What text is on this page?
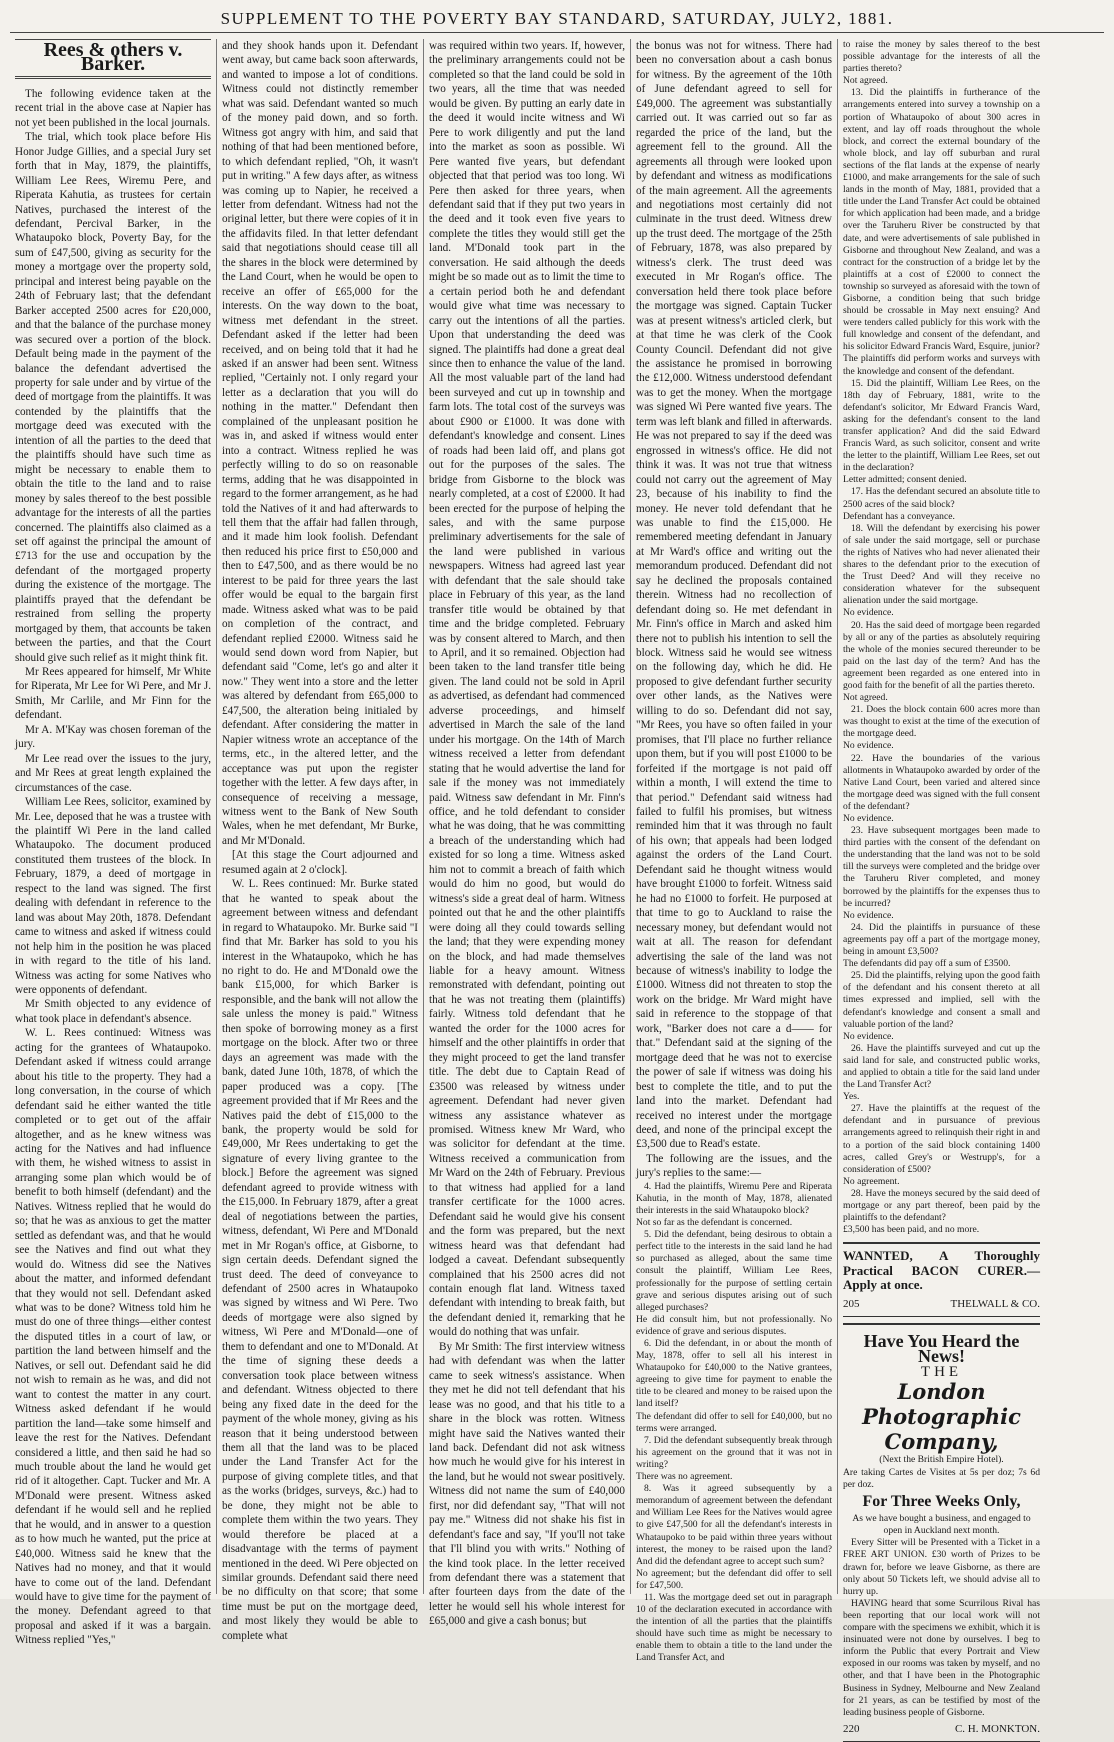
SUPPLEMENT TO THE POVERTY BAY STANDARD, SATURDAY, JULY2, 1881.
Rees & others v. Barker.

The following evidence taken at the recent trial in the above case at Napier has not yet been published in the local journals.

The trial, which took place before His Honor Judge Gillies, and a special Jury set forth that in May, 1879, the plaintiffs, William Lee Rees, Wiremu Pere, and Riperata Kahutia, as trustees for certain Natives, purchased the interest of the defendant, Percival Barker, in the Whataupoko block, Poverty Bay, for the sum of £47,500, giving as security for the money a mortgage over the property sold, principal and interest being payable on the 24th of February last; that the defendant Barker accepted 2500 acres for £20,000, and that the balance of the purchase money was secured over a portion of the block. Default being made in the payment of the balance the defendant advertised the property for sale under and by virtue of the deed of mortgage from the plaintiffs. It was contended by the plaintiffs that the mortgage deed was executed with the intention of all the parties to the deed that the plaintiffs should have such time as might be necessary to enable them to obtain the title to the land and to raise money by sales thereof to the best possible advantage for the interests of all the parties concerned. The plaintiffs also claimed as a set off against the principal the amount of £713 for the use and occupation by the defendant of the mortgaged property during the existence of the mortgage. The plaintiffs prayed that the defendant be restrained from selling the property mortgaged by them, that accounts be taken between the parties, and that the Court should give such relief as it might think fit.

Mr Rees appeared for himself, Mr White for Riperata, Mr Lee for Wi Pere, and Mr J. Smith, Mr Carlile, and Mr Finn for the defendant.

Mr A. M'Kay was chosen foreman of the jury.

Mr Lee read over the issues to the jury, and Mr Rees at great length explained the circumstances of the case.

William Lee Rees, solicitor, examined by Mr. Lee, deposed that he was a trustee with the plaintiff Wi Pere in the land called Whataupoko. The document produced constituted them trustees of the block. In February, 1879, a deed of mortgage in respect to the land was signed. The first dealing with defendant in reference to the land was about May 20th, 1878. Defendant came to witness and asked if witness could not help him in the position he was placed in with regard to the title of his land. Witness was acting for some Natives who were opponents of defendant.

Mr Smith objected to any evidence of what took place in defendant's absence.

W. L. Rees continued: Witness was acting for the grantees of Whataupoko. Defendant asked if witness could arrange about his title to the property. They had a long conversation, in the course of which defendant said he either wanted the title completed or to get out of the affair altogether, and as he knew witness was acting for the Natives and had influence with them, he wished witness to assist in arranging some plan which would be of benefit to both himself (defendant) and the Natives. Witness replied that he would do so; that he was as anxious to get the matter settled as defendant was, and that he would see the Natives and find out what they would do. Witness did see the Natives about the matter, and informed defendant that they would not sell. Defendant asked what was to be done? Witness told him he must do one of three things—either contest the disputed titles in a court of law, or partition the land between himself and the Natives, or sell out. Defendant said he did not wish to remain as he was, and did not want to contest the matter in any court. Witness asked defendant if he would partition the land—take some himself and leave the rest for the Natives. Defendant considered a little, and then said he had so much trouble about the land he would get rid of it altogether. Capt. Tucker and Mr. A M'Donald were present. Witness asked defendant if he would sell and he replied that he would, and in answer to a question as to how much he wanted, put the price at £40,000. Witness said he knew that the Natives had no money, and that it would have to come out of the land. Defendant would have to give time for the payment of the money. Defendant agreed to that proposal and asked if it was a bargain. Witness replied "Yes,"

and they shook hands upon it. Defendant went away, but came back soon afterwards, and wanted to impose a lot of conditions. Witness could not distinctly remember what was said. Defendant wanted so much of the money paid down, and so forth. Witness got angry with him, and said that nothing of that had been mentioned before, to which defendant replied, "Oh, it wasn't put in writing." A few days after, as witness was coming up to Napier, he received a letter from defendant. Witness had not the original letter, but there were copies of it in the affidavits filed. In that letter defendant said that negotiations should cease till all the shares in the block were determined by the Land Court, when he would be open to receive an offer of £65,000 for the interests. On the way down to the boat, witness met defendant in the street. Defendant asked if the letter had been received, and on being told that it had he asked if an answer had been sent. Witness replied, "Certainly not. I only regard your letter as a declaration that you will do nothing in the matter." Defendant then complained of the unpleasant position he was in, and asked if witness would enter into a contract. Witness replied he was perfectly willing to do so on reasonable terms, adding that he was disappointed in regard to the former arrangement, as he had told the Natives of it and had afterwards to tell them that the affair had fallen through, and it made him look foolish. Defendant then reduced his price first to £50,000 and then to £47,500, and as there would be no interest to be paid for three years the last offer would be equal to the bargain first made. Witness asked what was to be paid on completion of the contract, and defendant replied £2000. Witness said he would send down word from Napier, but defendant said "Come, let's go and alter it now." They went into a store and the letter was altered by defendant from £65,000 to £47,500, the alteration being initialed by defendant. After considering the matter in Napier witness wrote an acceptance of the terms, etc., in the altered letter, and the acceptance was put upon the register together with the letter. A few days after, in consequence of receiving a message, witness went to the Bank of New South Wales, when he met defendant, Mr Burke, and Mr M'Donald.

[At this stage the Court adjourned and resumed again at 2 o'clock].

W. L. Rees continued: Mr. Burke stated that he wanted to speak about the agreement between witness and defendant in regard to Whataupoko. Mr. Burke said "I find that Mr. Barker has sold to you his interest in the Whataupoko, which he has no right to do. He and M'Donald owe the bank £15,000, for which Barker is responsible, and the bank will not allow the sale unless the money is paid." Witness then spoke of borrowing money as a first mortgage on the block. After two or three days an agreement was made with the bank, dated June 10th, 1878, of which the paper produced was a copy. [The agreement provided that if Mr Rees and the Natives paid the debt of £15,000 to the bank, the property would be sold for £49,000, Mr Rees undertaking to get the signature of every living grantee to the block.] Before the agreement was signed defendant agreed to provide witness with the £15,000. In February 1879, after a great deal of negotiations between the parties, witness, defendant, Wi Pere and M'Donald met in Mr Rogan's office, at Gisborne, to sign certain deeds. Defendant signed the trust deed. The deed of conveyance to defendant of 2500 acres in Whataupoko was signed by witness and Wi Pere. Two deeds of mortgage were also signed by witness, Wi Pere and M'Donald—one of them to defendant and one to M'Donald. At the time of signing these deeds a conversation took place between witness and defendant. Witness objected to there being any fixed date in the deed for the payment of the whole money, giving as his reason that it being understood between them all that the land was to be placed under the Land Transfer Act for the purpose of giving complete titles, and that as the works (bridges, surveys, &c.) had to be done, they might not be able to complete them within the two years. They would therefore be placed at a disadvantage with the terms of payment mentioned in the deed. Wi Pere objected on similar grounds. Defendant said there need be no difficulty on that score; that some time must be put on the mortgage deed, and most likely they would be able to complete what

was required within two years. If, however, the preliminary arrangements could not be completed so that the land could be sold in two years, all the time that was needed would be given. By putting an early date in the deed it would incite witness and Wi Pere to work diligently and put the land into the market as soon as possible. Wi Pere wanted five years, but defendant objected that that period was too long. Wi Pere then asked for three years, when defendant said that if they put two years in the deed and it took even five years to complete the titles they would still get the land. M'Donald took part in the conversation. He said although the deeds might be so made out as to limit the time to a certain period both he and defendant would give what time was necessary to carry out the intentions of all the parties. Upon that understanding the deed was signed. The plaintiffs had done a great deal since then to enhance the value of the land. All the most valuable part of the land had been surveyed and cut up in township and farm lots. The total cost of the surveys was about £900 or £1000. It was done with defendant's knowledge and consent. Lines of roads had been laid off, and plans got out for the purposes of the sales. The bridge from Gisborne to the block was nearly completed, at a cost of £2000. It had been erected for the purpose of helping the sales, and with the same purpose preliminary advertisements for the sale of the land were published in various newspapers. Witness had agreed last year with defendant that the sale should take place in February of this year, as the land transfer title would be obtained by that time and the bridge completed. February was by consent altered to March, and then to April, and it so remained. Objection had been taken to the land transfer title being given. The land could not be sold in April as advertised, as defendant had commenced adverse proceedings, and himself advertised in March the sale of the land under his mortgage. On the 14th of March witness received a letter from defendant stating that he would advertise the land for sale if the money was not immediately paid. Witness saw defendant in Mr. Finn's office, and he told defendant to consider what he was doing, that he was committing a breach of the understanding which had existed for so long a time. Witness asked him not to commit a breach of faith which would do him no good, but would do witness's side a great deal of harm. Witness pointed out that he and the other plaintiffs were doing all they could towards selling the land; that they were expending money on the block, and had made themselves liable for a heavy amount. Witness remonstrated with defendant, pointing out that he was not treating them (plaintiffs) fairly. Witness told defendant that he wanted the order for the 1000 acres for himself and the other plaintiffs in order that they might proceed to get the land transfer title. The debt due to Captain Read of £3500 was released by witness under agreement. Defendant had never given witness any assistance whatever as promised. Witness knew Mr Ward, who was solicitor for defendant at the time. Witness received a communication from Mr Ward on the 24th of February. Previous to that witness had applied for a land transfer certificate for the 1000 acres. Defendant said he would give his consent and the form was prepared, but the next witness heard was that defendant had lodged a caveat. Defendant subsequently complained that his 2500 acres did not contain enough flat land. Witness taxed defendant with intending to break faith, but the defendant denied it, remarking that he would do nothing that was unfair.

By Mr Smith: The first interview witness had with defendant was when the latter came to seek witness's assistance. When they met he did not tell defendant that his lease was no good, and that his title to a share in the block was rotten. Witness might have said the Natives wanted their land back. Defendant did not ask witness how much he would give for his interest in the land, but he would not swear positively. Witness did not name the sum of £40,000 first, nor did defendant say, "That will not pay me." Witness did not shake his fist in defendant's face and say, "If you'll not take that I'll blind you with writs." Nothing of the kind took place. In the letter received from defendant there was a statement that after fourteen days from the date of the letter he would sell his whole interest for £65,000 and give a cash bonus; but

the bonus was not for witness. There had been no conversation about a cash bonus for witness. By the agreement of the 10th of June defendant agreed to sell for £49,000. The agreement was substantially carried out. It was carried out so far as regarded the price of the land, but the agreement fell to the ground. All the agreements all through were looked upon by defendant and witness as modifications of the main agreement. All the agreements and negotiations most certainly did not culminate in the trust deed. Witness drew up the trust deed. The mortgage of the 25th of February, 1878, was also prepared by witness's clerk. The trust deed was executed in Mr Rogan's office. The conversation held there took place before the mortgage was signed. Captain Tucker was at present witness's articled clerk, but at that time he was clerk of the Cook County Council. Defendant did not give the assistance he promised in borrowing the £12,000. Witness understood defendant was to get the money. When the mortgage was signed Wi Pere wanted five years. The term was left blank and filled in afterwards. He was not prepared to say if the deed was engrossed in witness's office. He did not think it was. It was not true that witness could not carry out the agreement of May 23, because of his inability to find the money. He never told defendant that he was unable to find the £15,000. He remembered meeting defendant in January at Mr Ward's office and writing out the memorandum produced. Defendant did not say he declined the proposals contained therein. Witness had no recollection of defendant doing so. He met defendant in Mr. Finn's office in March and asked him there not to publish his intention to sell the block. Witness said he would see witness on the following day, which he did. He proposed to give defendant further security over other lands, as the Natives were willing to do so. Defendant did not say, "Mr Rees, you have so often failed in your promises, that I'll place no further reliance upon them, but if you will post £1000 to be forfeited if the mortgage is not paid off within a month, I will extend the time to that period." Defendant said witness had failed to fulfil his promises, but witness reminded him that it was through no fault of his own; that appeals had been lodged against the orders of the Land Court. Defendant said he thought witness would have brought £1000 to forfeit. Witness said he had no £1000 to forfeit. He purposed at that time to go to Auckland to raise the necessary money, but defendant would not wait at all. The reason for defendant advertising the sale of the land was not because of witness's inability to lodge the £1000. Witness did not threaten to stop the work on the bridge. Mr Ward might have said in reference to the stoppage of that work, "Barker does not care a d—— for that." Defendant said at the signing of the mortgage deed that he was not to exercise the power of sale if witness was doing his best to complete the title, and to put the land into the market. Defendant had received no interest under the mortgage deed, and none of the principal except the £3,500 due to Read's estate.

The following are the issues, and the jury's replies to the same:—

4. Had the plaintiffs, Wiremu Pere and Riperata Kahutia, in the month of May, 1878, alienated their interests in the said Whataupoko block?

Not so far as the defendant is concerned.

5. Did the defendant, being desirous to obtain a perfect title to the interests in the said land he had so purchased as alleged, about the same time consult the plaintiff, William Lee Rees, professionally for the purpose of settling certain grave and serious disputes arising out of such alleged purchases?

He did consult him, but not professionally. No evidence of grave and serious disputes.

6. Did the defendant, in or about the month of May, 1878, offer to sell all his interest in Whataupoko for £40,000 to the Native grantees, agreeing to give time for payment to enable the title to be cleared and money to be raised upon the land itself?

The defendant did offer to sell for £40,000, but no terms were arranged.

7. Did the defendant subsequently break through his agreement on the ground that it was not in writing?

There was no agreement.

8. Was it agreed subsequently by a memorandum of agreement between the defendant and William Lee Rees for the Natives would agree to give £47,500 for all the defendant's interests in Whataupoko to be paid within three years without interest, the money to be raised upon the land? And did the defendant agree to accept such sum?

No agreement; but the defendant did offer to sell for £47,500.

11. Was the mortgage deed set out in paragraph 10 of the declaration executed in accordance with the intention of all the parties that the plaintiffs should have such time as might be necessary to enable them to obtain a title to the land under the Land Transfer Act, and

to raise the money by sales thereof to the best possible advantage for the interests of all the parties thereto?

Not agreed.

13. Did the plaintiffs in furtherance of the arrangements entered into survey a township on a portion of Whataupoko of about 300 acres in extent, and lay off roads throughout the whole block, and correct the external boundary of the whole block, and lay off suburban and rural sections of the flat lands at the expense of nearly £1000, and make arrangements for the sale of such lands in the month of May, 1881, provided that a title under the Land Transfer Act could be obtained for which application had been made, and a bridge over the Taruheru River be constructed by that date, and were advertisements of sale published in Gisborne and throughout New Zealand, and was a contract for the construction of a bridge let by the plaintiffs at a cost of £2000 to connect the township so surveyed as aforesaid with the town of Gisborne, a condition being that such bridge should be crossable in May next ensuing? And were tenders called publicly for this work with the full knowledge and consent of the defendant, and his solicitor Edward Francis Ward, Esquire, junior?

The plaintiffs did perform works and surveys with the knowledge and consent of the defendant.

15. Did the plaintiff, William Lee Rees, on the 18th day of February, 1881, write to the defendant's solicitor, Mr Edward Francis Ward, asking for the defendant's consent to the land transfer application? And did the said Edward Francis Ward, as such solicitor, consent and write the letter to the plaintiff, William Lee Rees, set out in the declaration?

Letter admitted; consent denied.

17. Has the defendant secured an absolute title to 2500 acres of the said block?

Defendant has a conveyance.

18. Will the defendant by exercising his power of sale under the said mortgage, sell or purchase the rights of Natives who had never alienated their shares to the defendant prior to the execution of the Trust Deed? And will they receive no consideration whatever for the subsequent alienation under the said mortgage.

No evidence.

20. Has the said deed of mortgage been regarded by all or any of the parties as absolutely requiring the whole of the monies secured thereunder to be paid on the last day of the term? And has the agreement been regarded as one entered into in good faith for the benefit of all the parties thereto.

Not agreed.

21. Does the block contain 600 acres more than was thought to exist at the time of the execution of the mortgage deed.

No evidence.

22. Have the boundaries of the various allotments in Whataupoko awarded by order of the Native Land Court, been varied and altered since the mortgage deed was signed with the full consent of the defendant?

No evidence.

23. Have subsequent mortgages been made to third parties with the consent of the defendant on the understanding that the land was not to be sold till the surveys were completed and the bridge over the Taruheru River completed, and money borrowed by the plaintiffs for the expenses thus to be incurred?

No evidence.

24. Did the plaintiffs in pursuance of these agreements pay off a part of the mortgage money, being in amount £3,500?

The defendants did pay off a sum of £3500.

25. Did the plaintiffs, relying upon the good faith of the defendant and his consent thereto at all times expressed and implied, sell with the defendant's knowledge and consent a small and valuable portion of the land?

No evidence.

26. Have the plaintiffs surveyed and cut up the said land for sale, and constructed public works, and applied to obtain a title for the said land under the Land Transfer Act?

Yes.

27. Have the plaintiffs at the request of the defendant and in pursuance of previous arrangements agreed to relinquish their right in and to a portion of the said block containing 1400 acres, called Grey's or Westrupp's, for a consideration of £500?

No agreement.

28. Have the moneys secured by the said deed of mortgage or any part thereof, been paid by the plaintiffs to the defendant?

£3,500 has been paid, and no more.

WANNTED, A Thoroughly Practical BACON CURER.—Apply at once.
205	THELWALL & CO.
Have You Heard the News!
THE
London Photographic Company,

(Next the British Empire Hotel).

Are taking Cartes de Visites at 5s per doz; 7s 6d per doz.

For Three Weeks Only,

As we have bought a business, and engaged to open in Auckland next month.

Every Sitter will be Presented with a Ticket in a FREE ART UNION. £30 worth of Prizes to be drawn for, before we leave Gisborne, as there are only about 50 Tickets left, we should advise all to hurry up.

HAVING heard that some Scurrilous Rival has been reporting that our local work will not compare with the specimens we exhibit, which it is insinuated were not done by ourselves. I beg to inform the Public that every Portrait and View exposed in our rooms was taken by myself, and no other, and that I have been in the Photographic Business in Sydney, Melbourne and New Zealand for 21 years, as can be testified by most of the leading business people of Gisborne.

220	C. H. MONKTON.
